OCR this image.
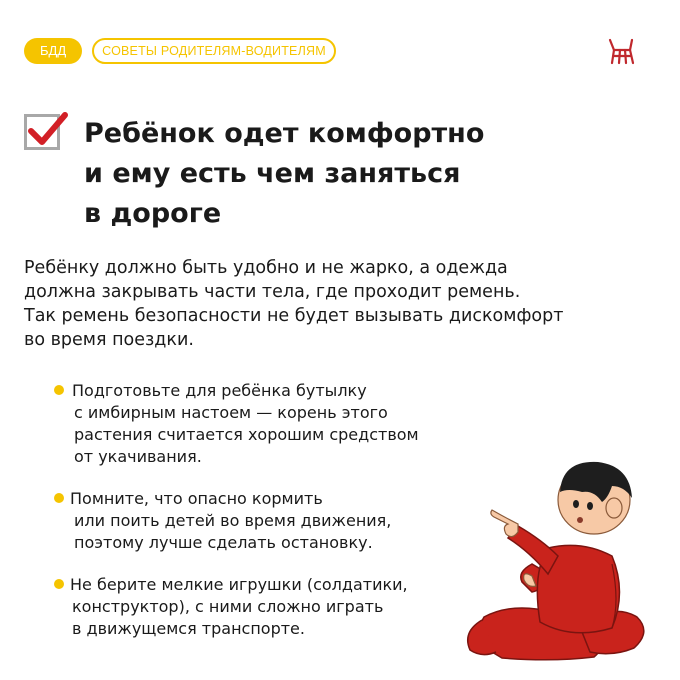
БДД	СОВЕТЫ РОДИТЕЛЯМ-ВОДИТЕЛЯМ
Ребёнок одет комфортно
и ему есть чем заняться
в дороге

Ребёнку должно быть удобно и не жарко, а одежда
должна закрывать части тела, где проходит ремень.
Так ремень безопасности не будет вызывать дискомфорт
во время поездки.

Подготовьте для ребёнка бутылку
с имбирным настоем — корень этого
растения считается хорошим средством
от укачивания.
Помните, что опасно кормить
или поить детей во время движения,
поэтому лучше сделать остановку.
Не берите мелкие игрушки (солдатики,
конструктор), с ними сложно играть
в движущемся транспорте.
